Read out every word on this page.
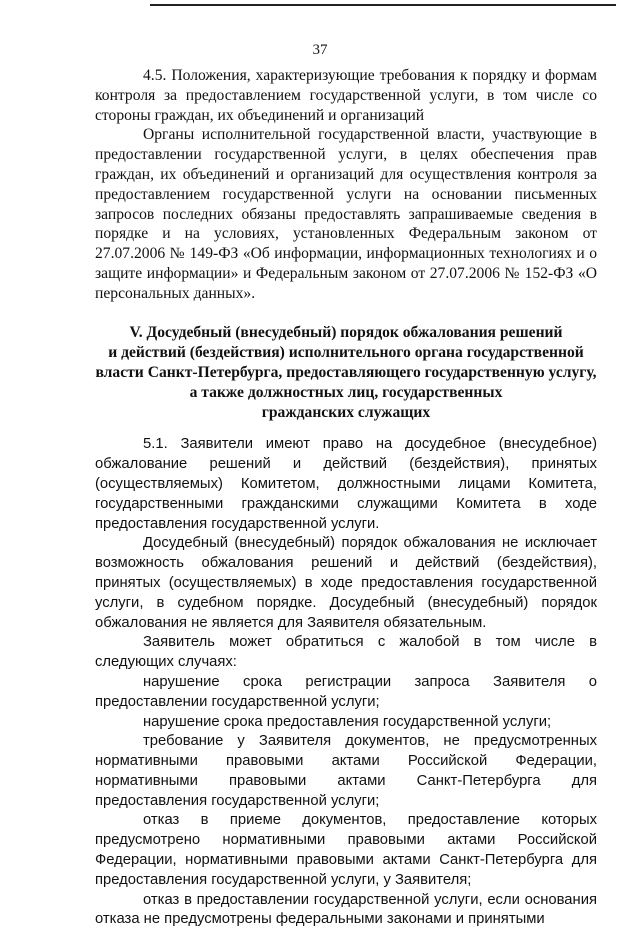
37

4.5. Положения, характеризующие требования к порядку и формам контроля за предоставлением государственной услуги, в том числе со стороны граждан, их объединений и организаций

Органы исполнительной государственной власти, участвующие в предоставлении государственной услуги, в целях обеспечения прав граждан, их объединений и организаций для осуществления контроля за предоставлением государственной услуги на основании письменных запросов последних обязаны предоставлять запрашиваемые сведения в порядке и на условиях, установленных Федеральным законом от 27.07.2006 № 149-ФЗ «Об информации, информационных технологиях и о защите информации» и Федеральным законом от 27.07.2006 № 152-ФЗ «О персональных данных».

V. Досудебный (внесудебный) порядок обжалования решений
и действий (бездействия) исполнительного органа государственной
власти Санкт-Петербурга, предоставляющего государственную услугу,
а также должностных лиц, государственных
гражданских служащих

5.1. Заявители имеют право на досудебное (внесудебное) обжалование решений и действий (бездействия), принятых (осуществляемых) Комитетом, должностными лицами Комитета, государственными гражданскими служащими Комитета в ходе предоставления государственной услуги.

Досудебный (внесудебный) порядок обжалования не исключает возможность обжалования решений и действий (бездействия), принятых (осуществляемых) в ходе предоставления государственной услуги, в судебном порядке. Досудебный (внесудебный) порядок обжалования не является для Заявителя обязательным.

Заявитель может обратиться с жалобой в том числе в следующих случаях:

нарушение срока регистрации запроса Заявителя о предоставлении государственной услуги;

нарушение срока предоставления государственной услуги;

требование у Заявителя документов, не предусмотренных нормативными правовыми актами Российской Федерации, нормативными правовыми актами Санкт-Петербурга для предоставления государственной услуги;

отказ в приеме документов, предоставление которых предусмотрено нормативными правовыми актами Российской Федерации, нормативными правовыми актами Санкт-Петербурга для предоставления государственной услуги, у Заявителя;

отказ в предоставлении государственной услуги, если основания отказа не предусмотрены федеральными законами и принятыми
